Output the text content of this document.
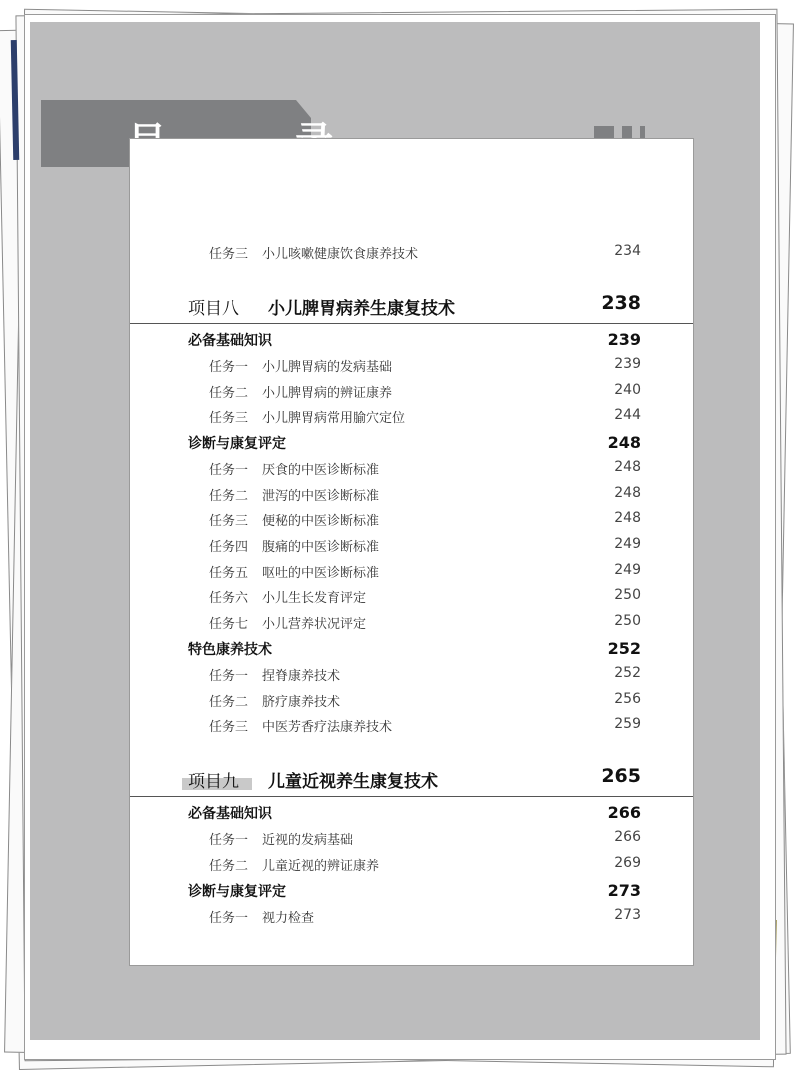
任务三 小儿咳嗽健康饮食康养技术	234
项目八 小儿脾胃病养生康复技术	238
必备基础知识	239
任务一 小儿脾胃病的发病基础	239
任务二 小儿脾胃病的辨证康养	240
任务三 小儿脾胃病常用腧穴定位	244
诊断与康复评定	248
任务一 厌食的中医诊断标准	248
任务二 泄泻的中医诊断标准	248
任务三 便秘的中医诊断标准	248
任务四 腹痛的中医诊断标准	249
任务五 呕吐的中医诊断标准	249
任务六 小儿生长发育评定	250
任务七 小儿营养状况评定	250
特色康养技术	252
任务一 捏脊康养技术	252
任务二 脐疗康养技术	256
任务三 中医芳香疗法康养技术	259
项目九 儿童近视养生康复技术	265
必备基础知识	266
任务一 近视的发病基础	266
任务二 儿童近视的辨证康养	269
诊断与康复评定	273
任务一 视力检查	273
